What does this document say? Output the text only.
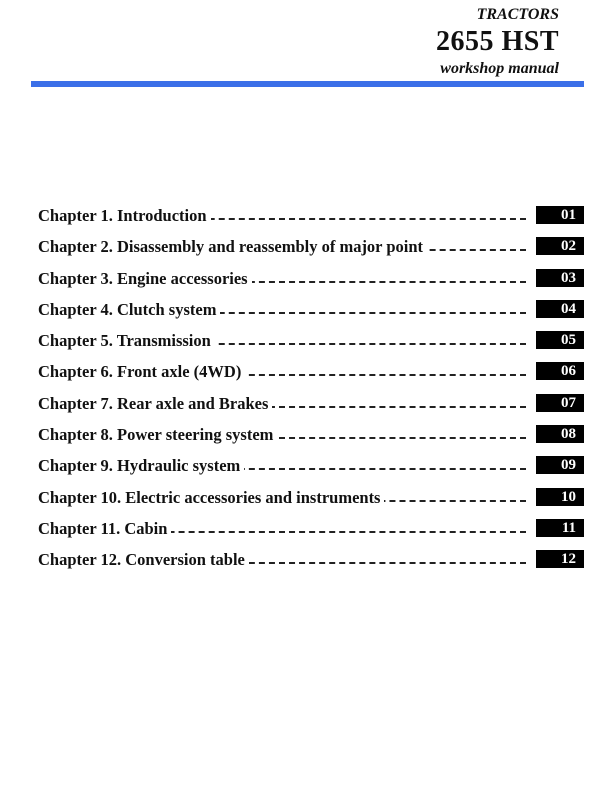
TRACTORS
2655 HST
workshop manual
Chapter 1. Introduction	01
Chapter 2. Disassembly and reassembly of major point	02
Chapter 3. Engine accessories	03
Chapter 4. Clutch system	04
Chapter 5. Transmission	05
Chapter 6. Front axle (4WD)	06
Chapter 7. Rear axle and Brakes	07
Chapter 8. Power steering system	08
Chapter 9. Hydraulic system	09
Chapter 10. Electric accessories and instruments	10
Chapter 11. Cabin	11
Chapter 12. Conversion table	12
